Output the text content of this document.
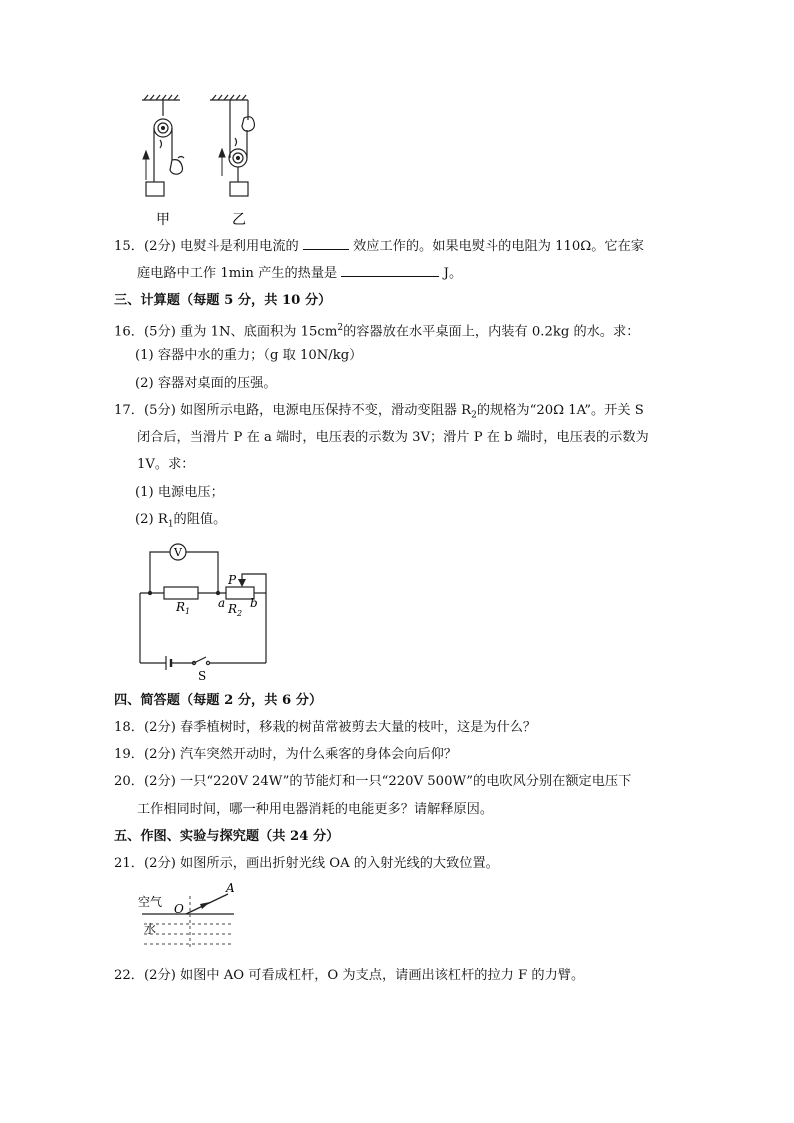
甲	乙
15．(2分) 电熨斗是利用电流的	效应工作的。如果电熨斗的电阻为 110Ω。它在家
庭电路中工作 1min 产生的热量是	J。
三、计算题（每题 5 分，共 10 分）
16．(5分) 重为 1N、底面积为 $15cm^2$的容器放在水平桌面上，内装有 0.2kg 的水。求：
(1) 容器中水的重力；（g 取 10N/kg）
(2) 容器对桌面的压强。
17．(5分) 如图所示电路，电源电压保持不变，滑动变阻器 $R_2$的规格为“20Ω 1A”。开关 S
闭合后，当滑片 P 在 a 端时，电压表的示数为 3V；滑片 P 在 b 端时，电压表的示数为
1V。求：
(1) 电源电压；
(2) $R_1$的阻值。
V
P
$R_1$	$R_2$
a b
S
四、简答题（每题 2 分，共 6 分）
18．(2分) 春季植树时，移栽的树苗常被剪去大量的枝叶，这是为什么？
19．(2分) 汽车突然开动时，为什么乘客的身体会向后仰？
20．(2分) 一只“220V 24W”的节能灯和一只“220V 500W”的电吹风分别在额定电压下
工作相同时间，哪一种用电器消耗的电能更多？请解释原因。
五、作图、实验与探究题（共 24 分）
21．(2分) 如图所示，画出折射光线 OA 的入射光线的大致位置。
空气
水
O
A
22．(2分) 如图中 AO 可看成杠杆，O 为支点，请画出该杠杆的拉力 F 的力臂。
